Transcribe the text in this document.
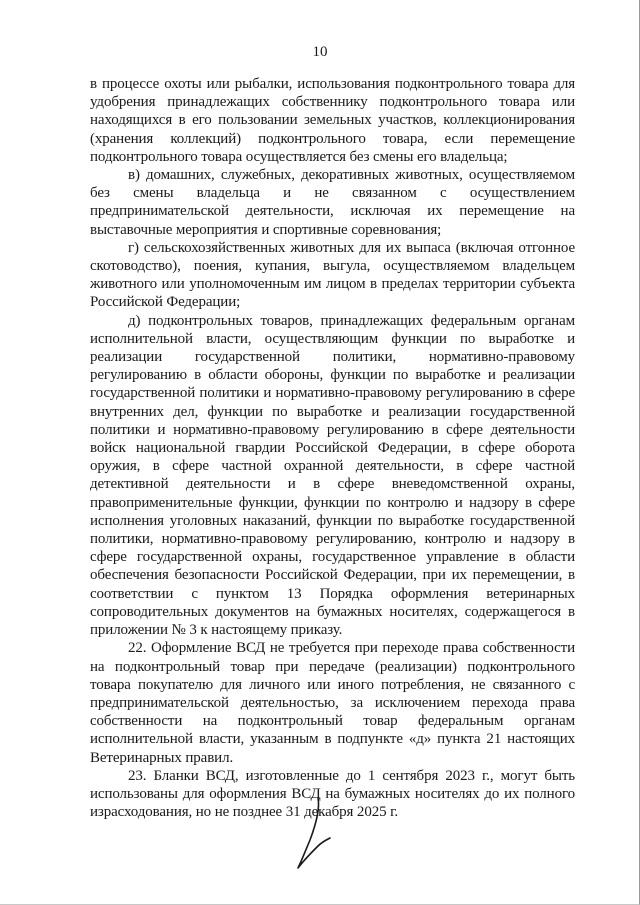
10

в процессе охоты или рыбалки, использования подконтрольного товара для удобрения принадлежащих собственнику подконтрольного товара или находящихся в его пользовании земельных участков, коллекционирования (хранения коллекций) подконтрольного товара, если перемещение подконтрольного товара осуществляется без смены его владельца;

в) домашних, служебных, декоративных животных, осуществляемом без смены владельца и не связанном с осуществлением предпринимательской деятельности, исключая их перемещение на выставочные мероприятия и спортивные соревнования;

г) сельскохозяйственных животных для их выпаса (включая отгонное скотоводство), поения, купания, выгула, осуществляемом владельцем животного или уполномоченным им лицом в пределах территории субъекта Российской Федерации;

д) подконтрольных товаров, принадлежащих федеральным органам исполнительной власти, осуществляющим функции по выработке и реализации государственной политики, нормативно-правовому регулированию в области обороны, функции по выработке и реализации государственной политики и нормативно-правовому регулированию в сфере внутренних дел, функции по выработке и реализации государственной политики и нормативно-правовому регулированию в сфере деятельности войск национальной гвардии Российской Федерации, в сфере оборота оружия, в сфере частной охранной деятельности, в сфере частной детективной деятельности и в сфере вневедомственной охраны, правоприменительные функции, функции по контролю и надзору в сфере исполнения уголовных наказаний, функции по выработке государственной политики, нормативно-правовому регулированию, контролю и надзору в сфере государственной охраны, государственное управление в области обеспечения безопасности Российской Федерации, при их перемещении, в соответствии с пунктом 13 Порядка оформления ветеринарных сопроводительных документов на бумажных носителях, содержащегося в приложении № 3 к настоящему приказу.

22. Оформление ВСД не требуется при переходе права собственности на подконтрольный товар при передаче (реализации) подконтрольного товара покупателю для личного или иного потребления, не связанного с предпринимательской деятельностью, за исключением перехода права собственности на подконтрольный товар федеральным органам исполнительной власти, указанным в подпункте «д» пункта 21 настоящих Ветеринарных правил.

23. Бланки ВСД, изготовленные до 1 сентября 2023 г., могут быть использованы для оформления ВСД на бумажных носителях до их полного израсходования, но не позднее 31 декабря 2025 г.
